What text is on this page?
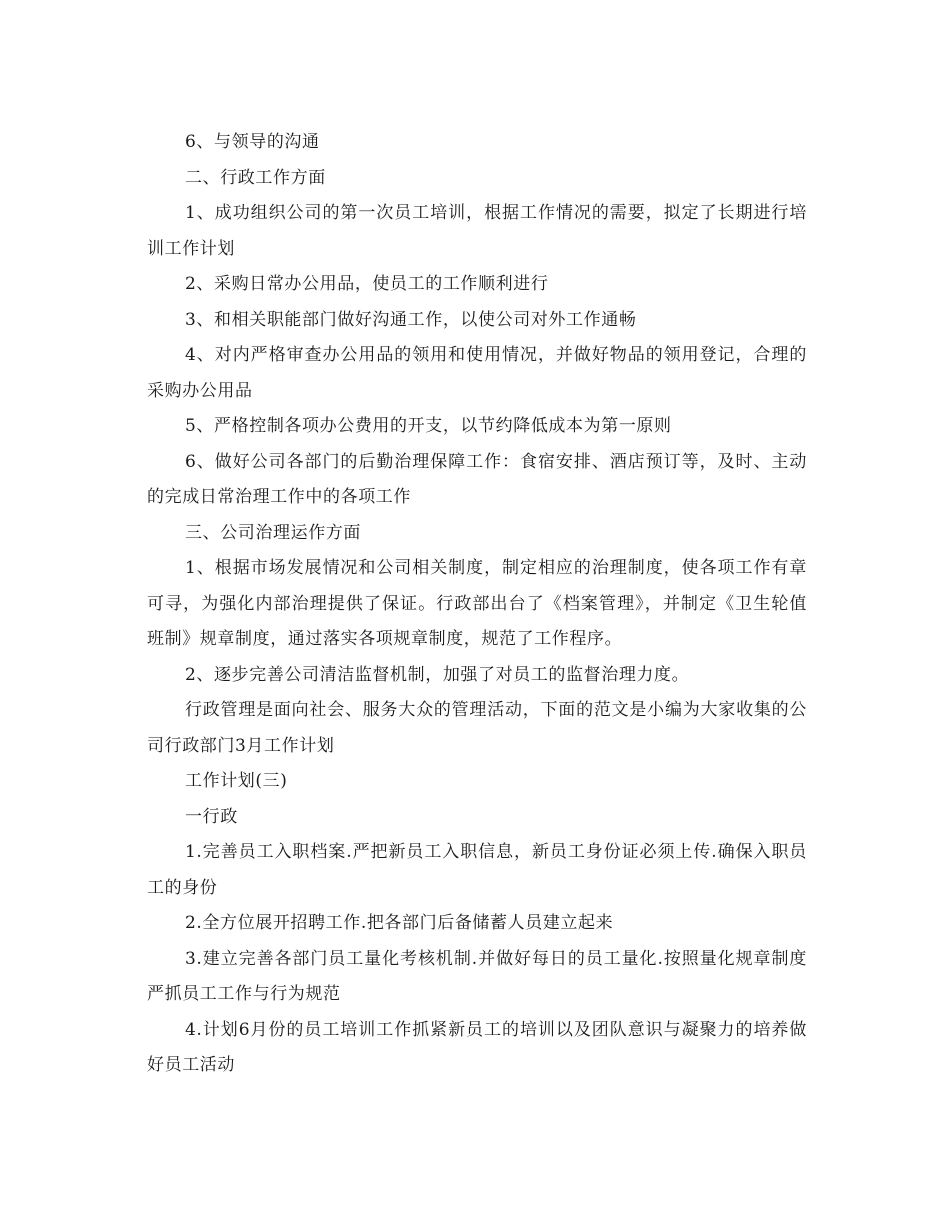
6、与领导的沟通

二、行政工作方面

1、成功组织公司的第一次员工培训，根据工作情况的需要，拟定了长期进行培训工作计划

2、采购日常办公用品，使员工的工作顺利进行

3、和相关职能部门做好沟通工作，以使公司对外工作通畅

4、对内严格审查办公用品的领用和使用情况，并做好物品的领用登记，合理的采购办公用品

5、严格控制各项办公费用的开支，以节约降低成本为第一原则

6、做好公司各部门的后勤治理保障工作：食宿安排、酒店预订等，及时、主动的完成日常治理工作中的各项工作

三、公司治理运作方面

1、根据市场发展情况和公司相关制度，制定相应的治理制度，使各项工作有章可寻，为强化内部治理提供了保证。行政部出台了《档案管理》，并制定《卫生轮值班制》规章制度，通过落实各项规章制度，规范了工作程序。

2、逐步完善公司清洁监督机制，加强了对员工的监督治理力度。

行政管理是面向社会、服务大众的管理活动，下面的范文是小编为大家收集的公司行政部门3月工作计划

工作计划(三)

一行政

1.完善员工入职档案.严把新员工入职信息，新员工身份证必须上传.确保入职员工的身份

2.全方位展开招聘工作.把各部门后备储蓄人员建立起来

3.建立完善各部门员工量化考核机制.并做好每日的员工量化.按照量化规章制度严抓员工工作与行为规范

4.计划6月份的员工培训工作抓紧新员工的培训以及团队意识与凝聚力的培养做好员工活动
